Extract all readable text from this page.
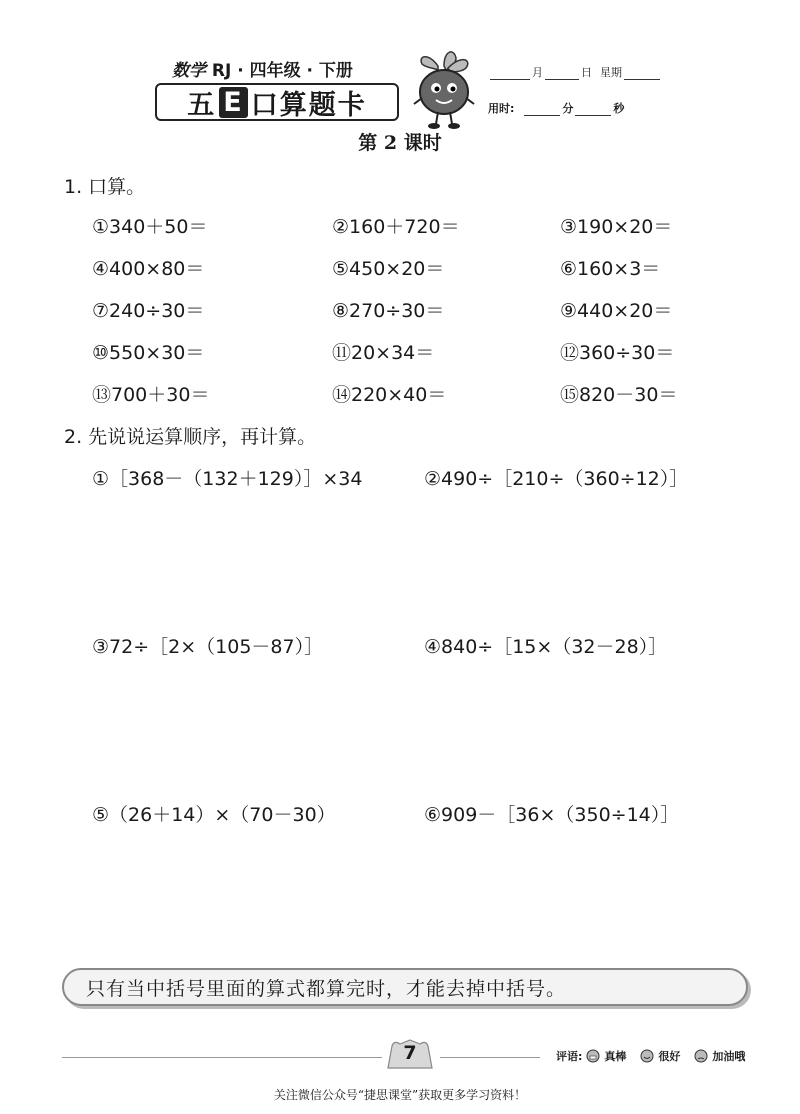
数学 RJ · 四年级 · 下册
五 E 口算题卡
月	日 星期
用时:	分	秒
第 2 课时
1. 口算。
①340＋50＝	②160＋720＝	③190×20＝
④400×80＝	⑤450×20＝	⑥160×3＝
⑦240÷30＝	⑧270÷30＝	⑨440×20＝
⑩550×30＝	⑪20×34＝	⑫360÷30＝
⑬700＋30＝	⑭220×40＝	⑮820－30＝
2. 先说说运算顺序，再计算。
①［368－（132＋129）］×34	②490÷［210÷（360÷12）］
③72÷［2×（105－87）］	④840÷［15×（32－28）］
⑤（26＋14）×（70－30）	⑥909－［36×（350÷14）］
只有当中括号里面的算式都算完时，才能去掉中括号。
7	评语: 真棒	很好	加油哦
关注微信公众号“捷思课堂”获取更多学习资料！
